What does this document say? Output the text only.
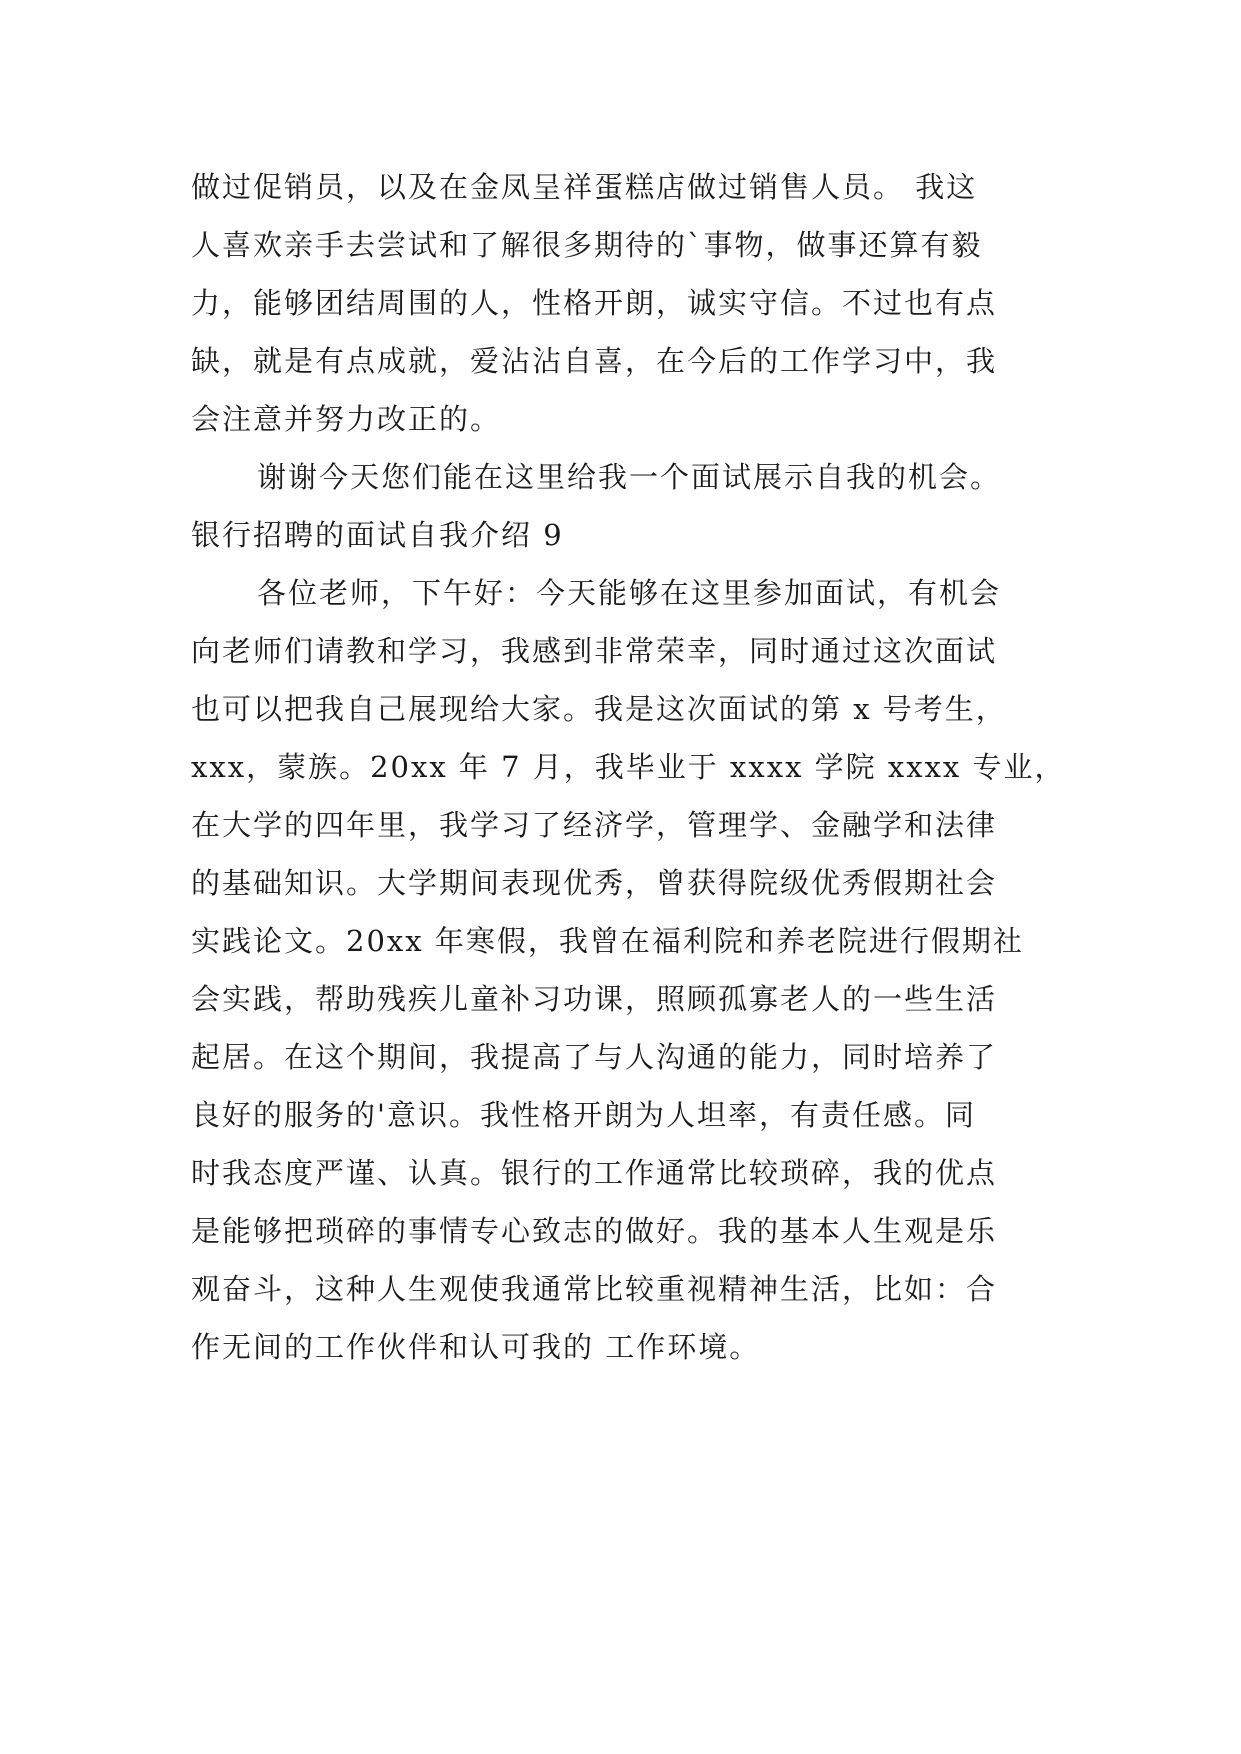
做过促销员，以及在金凤呈祥蛋糕店做过销售人员。 我这
人喜欢亲手去尝试和了解很多期待的`事物，做事还算有毅
力，能够团结周围的人，性格开朗，诚实守信。不过也有点
缺，就是有点成就，爱沾沾自喜，在今后的工作学习中，我
会注意并努力改正的。
谢谢今天您们能在这里给我一个面试展示自我的机会。
银行招聘的面试自我介绍 9
各位老师，下午好：今天能够在这里参加面试，有机会
向老师们请教和学习，我感到非常荣幸，同时通过这次面试
也可以把我自己展现给大家。我是这次面试的第 x 号考生，
xxx，蒙族。20xx 年 7 月，我毕业于 xxxx 学院 xxxx 专业，
在大学的四年里，我学习了经济学，管理学、金融学和法律
的基础知识。大学期间表现优秀，曾获得院级优秀假期社会
实践论文。20xx 年寒假，我曾在福利院和养老院进行假期社
会实践，帮助残疾儿童补习功课，照顾孤寡老人的一些生活
起居。在这个期间，我提高了与人沟通的能力，同时培养了
良好的服务的'意识。我性格开朗为人坦率，有责任感。同
时我态度严谨、认真。银行的工作通常比较琐碎，我的优点
是能够把琐碎的事情专心致志的做好。我的基本人生观是乐
观奋斗，这种人生观使我通常比较重视精神生活，比如：合
作无间的工作伙伴和认可我的 工作环境。
